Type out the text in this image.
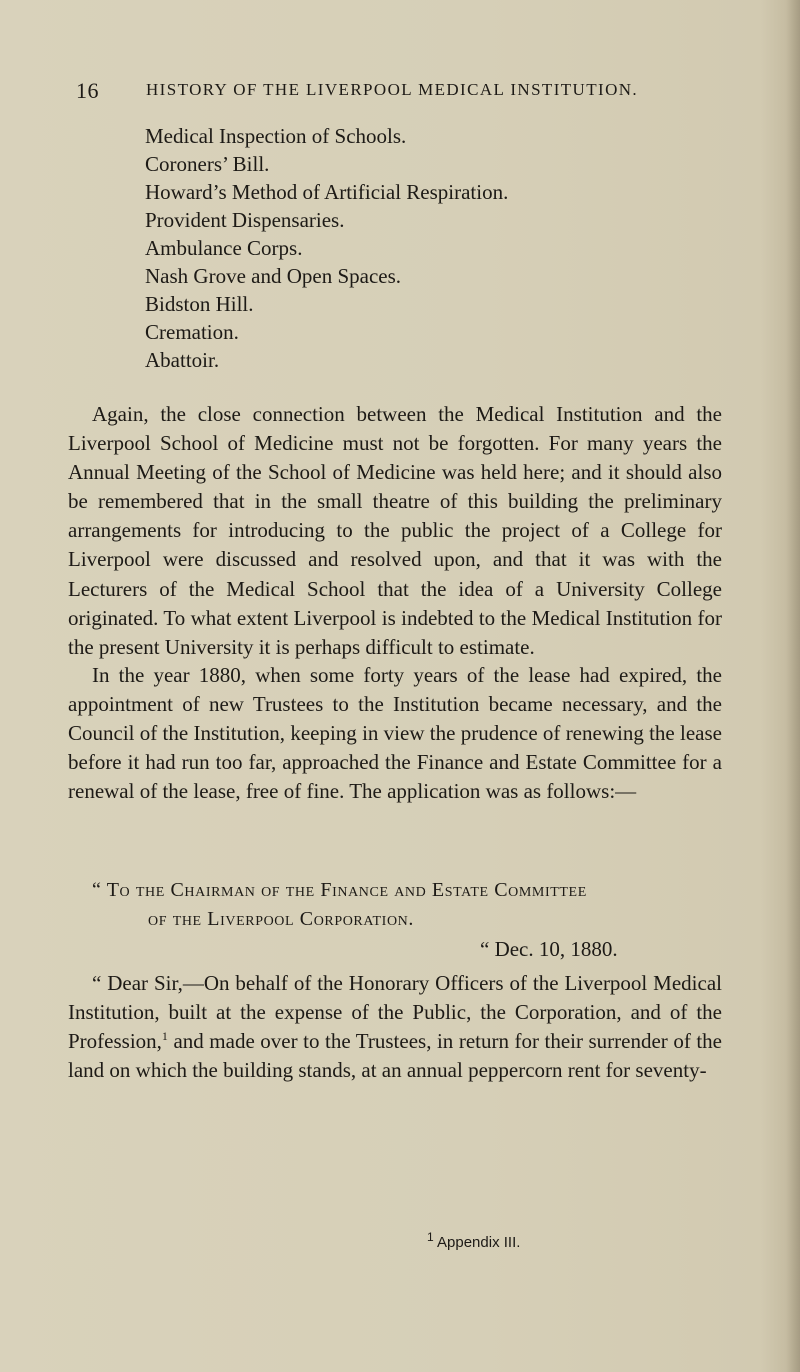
16	HISTORY OF THE LIVERPOOL MEDICAL INSTITUTION.
Medical Inspection of Schools.
Coroners’ Bill.
Howard’s Method of Artificial Respiration.
Provident Dispensaries.
Ambulance Corps.
Nash Grove and Open Spaces.
Bidston Hill.
Cremation.
Abattoir.

Again, the close connection between the Medical Institution and the Liverpool School of Medicine must not be forgotten. For many years the Annual Meeting of the School of Medicine was held here; and it should also be remembered that in the small theatre of this building the preliminary arrangements for introducing to the public the project of a College for Liverpool were discussed and resolved upon, and that it was with the Lecturers of the Medical School that the idea of a University College originated. To what extent Liverpool is indebted to the Medical Institution for the present University it is perhaps difficult to estimate.

In the year 1880, when some forty years of the lease had expired, the appointment of new Trustees to the Institution became necessary, and the Council of the Institution, keeping in view the prudence of renewing the lease before it had run too far, approached the Finance and Estate Committee for a renewal of the lease, free of fine. The application was as follows:—

“ To the Chairman of the Finance and Estate Committee
of the Liverpool Corporation.
“ Dec. 10, 1880.

“ Dear Sir,—On behalf of the Honorary Officers of the Liverpool Medical Institution, built at the expense of the Public, the Corporation, and of the Profession,$^1$ and made over to the Trustees, in return for their surrender of the land on which the building stands, at an annual peppercorn rent for seventy-

$^1$ Appendix III.
